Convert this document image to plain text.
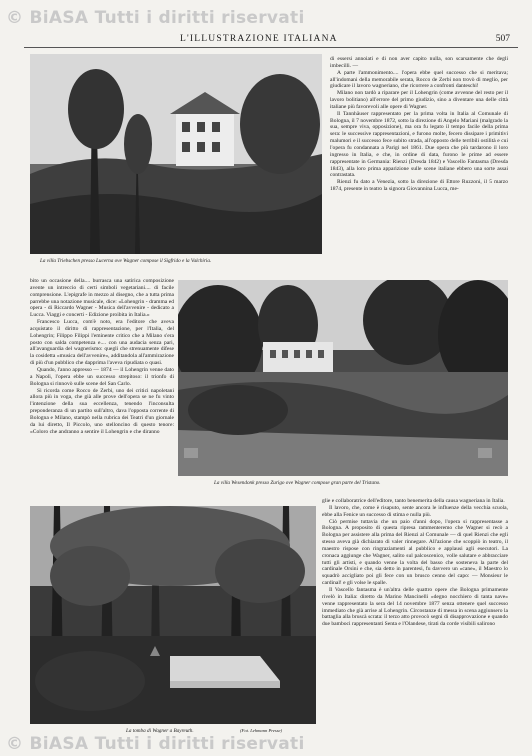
© BiASA Tutti i diritti riservati
L'ILLUSTRAZIONE ITALIANA	507
La villa Triebschen presso Lucerna ove Wagner compose il Sigfrido e la Valchiria.

di essersi annoiati e di non aver capito nulla, son scarsamente che degli imbecilli. —

A parte l'ammonimento.... l'opera ebbe quel successo che si meritava; all'indomani della memorabile serata, Rocco de Zerbi non trovò di meglio, per giudicare il lavoro wagneriano, che ricorrere a confronti danteschi!

Milano non tardò a riparare per il Lohengrin (come avvenne del resto per il lavoro bolitiano) all'errore del primo giudizio, sino a diventare una delle città italiane più favorevoli alle opere di Wagner.

Il Tannhäuser rappresentato per la prima volta in Italia al Comunale di Bologna, il 7 novembre 1872, sotto la direzione di Angelo Mariani (malgrado la sua, sempre viva, opposizione), ma ora fu legato il tempo facile della prima sera: le successive rappresentazioni, e furono molte, fecero dissipare i primitivi malumori e il successo fece subito strada, all'opposto delle terribili ostilità e cui l'opera fu condannata a Parigi nel 1861. Due opera che più tardarono il loro ingresso in Italia, e che, in ordine di data, furono le prime ad essere rappresentate in Germania: Rienzi (Dresda 1842) e Vascello Fantasma (Dresda 1843), alla loro prima apparizione sulle scene italiane ebbero una sorte assai contrastata.

Rienzi fu dato a Venezia, sotto la direzione di Ettore Ruzzoni, il 5 marzo 1874, presente in teatro la signora Giovannina Lucca, me-

bito un occasione della.... burrasca una satirica composizione avente un intreccio di certi simboli vegetariani.... di facile comprensione. L'epigrafe in mezzo al disegno, che a tutta prima parrebbe una notazione musicale, dice: «Lohengrin - dramma ed opera - di Riccardo Wagner - Musica dell'avvenire - dedicato a Lucca. Viaggi e concerti - Edizione proibita in Italia.»

Francesco Lucca, com'è noto, era l'editore che aveva acquistato il diritto di rappresentazione, per l'Italia, del Lohengrin; Filippo Filippi l'eminente critico che a Milano s'era posto con salda competenza e.... con una audacia senza pari, all'avanguardia del wagnerismo: quegli che strenuamente difese la cosidetta «musica dell'avvenire», additandola all'ammirazione di più d'un pubblico che dapprima l'aveva ripudiata o quasi.

Quando, l'anno appresso — 1874 — il Lohengrin venne dato a Napoli, l'opera ebbe un successo strepitoso: il trionfo di Bologna si rinnovò sulle scene del San Carlo.

Si ricorda come Rocco de Zerbi, uno dei critici napoletani allora più in voga, che già alle prove dell'opera se ne fu vinto l'intenzione della sua eccellenza, tenendo l'inconsulta preponderanza di un partito sull'altro, dava l'opposta corrente di Bologna e Milano, stampò nella rubrica dei Teatri d'un giornale da lui diretto, Il Piccolo, uno stelloncino di questo tenore: «Coloro che andranno a sentire il Lohengrin e che diranno

La villa Wesendonk presso Zurigo ove Wagner compose gran parte del Tristano.
La tomba di Wagner a Bayreuth.	(Fot. Lehmann Presse)

glie e collaboratrice dell'editore, tanto benemerita della causa wagneriana in Italia.

Il lavoro, che, come è risaputo, sente ancora le influenze della vecchia scuola, ebbe alla Fenice un successo di stima e nulla più.

Ciò permise tuttavia che un paio d'anni dopo, l'opera si rappresentasse a Bologna. A proposito di questa ripresa rammenteremo che Wagner si recò a Bologna per assistere alla prima del Rienzi al Comunale — di quel Rienzi che egli stesso aveva già dichiarato di valer rinnegare. All'azione che scoppiò in teatro, il maestro rispose con ringraziamenti al pubblico e applausi agli esecutori. La cronaca aggiunge che Wagner, salito sul palcoscenico, volle salutare e abbracciare tutti gli artisti, e quando venne la volta del basso che sosteneva la parte del cardinale Orsini e che, sia detto in parentesi, fu davvero un «cane», il Maestro lo squadrò accigliato poi gli fece con un brusco cenno del capo: — Monsieur le cardinal! e gli volse le spalle.

Il Vascello fantasma è un'altra delle quattro opere che Bologna primamente rivelò in Italia: diretto da Marino Mancinelli «degno nocchiero di tanta nave» venne rappresentato la sera del 14 novembre 1877 senza ottenere quel successo immediato che già arrise al Lohengrin. Circostanze di messa in scena aggiunsero la battaglia alla bruscà scrata: il terzo atto provocò segni di disapprovazione e quando due bamboci rappresentanti Senta e l'Olandese, tirati da corde visibili salirono

© BiASA Tutti i diritti riservati
